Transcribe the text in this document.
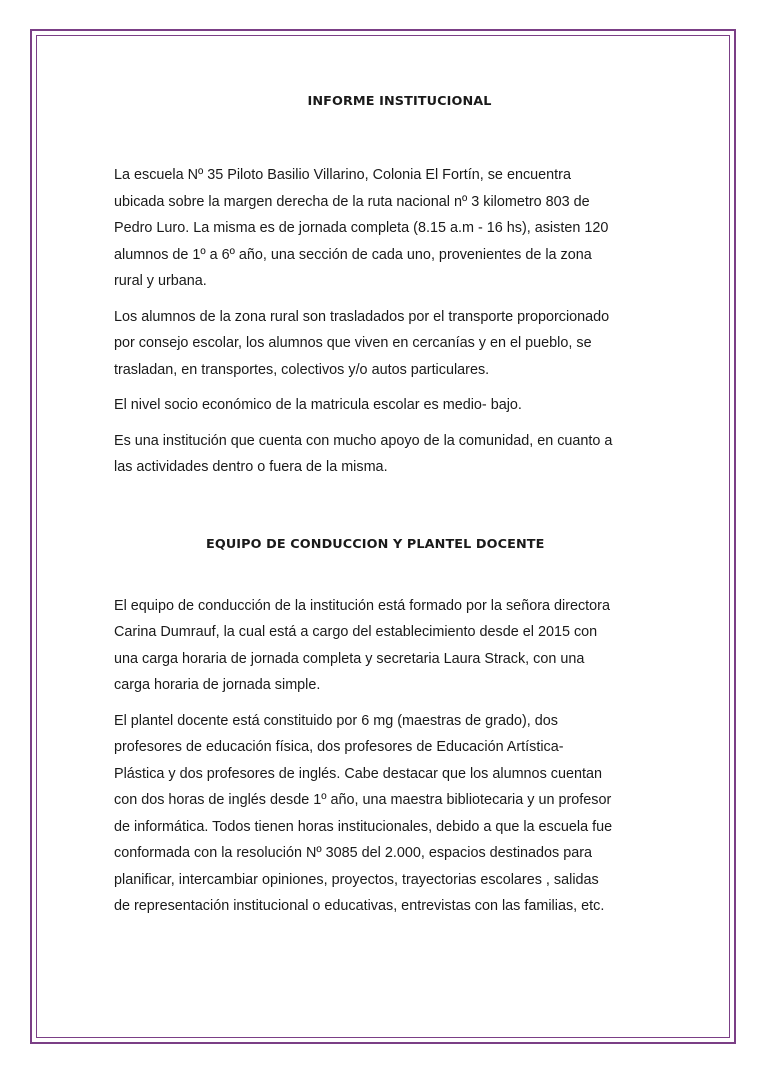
INFORME INSTITUCIONAL

La escuela Nº 35 Piloto Basilio Villarino, Colonia El Fortín, se encuentra
ubicada sobre la margen derecha de la ruta nacional nº 3 kilometro 803 de
Pedro Luro. La misma es de jornada completa (8.15 a.m - 16 hs), asisten 120
alumnos de 1º a 6º año, una sección de cada uno, provenientes de la zona
rural y urbana.

Los alumnos de la zona rural son trasladados por el transporte proporcionado
por consejo escolar, los alumnos que viven en cercanías y en el pueblo, se
trasladan, en transportes, colectivos y/o autos particulares.

El nivel socio económico de la matricula escolar es medio- bajo.

Es una institución que cuenta con mucho apoyo de la comunidad, en cuanto a
las actividades dentro o fuera de la misma.

EQUIPO DE CONDUCCION Y PLANTEL DOCENTE

El equipo de conducción de la institución está formado por la señora directora
Carina Dumrauf, la cual está a cargo del establecimiento desde el 2015 con
una carga horaria de jornada completa y secretaria Laura Strack, con una
carga horaria de jornada simple.

El plantel docente está constituido por 6 mg (maestras de grado), dos
profesores de educación física, dos profesores de Educación Artística-
Plástica y dos profesores de inglés. Cabe destacar que los alumnos cuentan
con dos horas de inglés desde 1º año, una maestra bibliotecaria y un profesor
de informática. Todos tienen horas institucionales, debido a que la escuela fue
conformada con la resolución Nº 3085 del 2.000, espacios destinados para
planificar, intercambiar opiniones, proyectos, trayectorias escolares , salidas
de representación institucional o educativas, entrevistas con las familias, etc.
